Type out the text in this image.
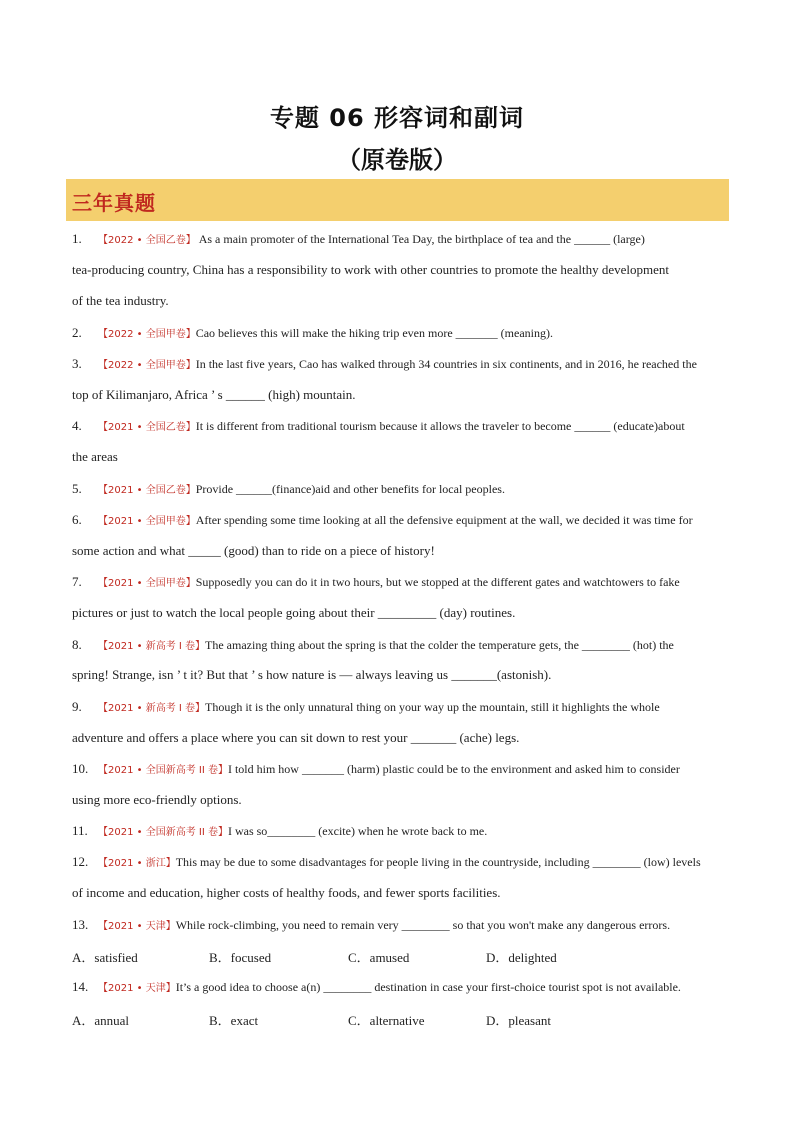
专题 06 形容词和副词
（原卷版）
三年真题
1. 【2022 • 全国乙卷】 As a main promoter of the International Tea Day, the birthplace of tea and the ______ (large)
tea-producing country, China has a responsibility to work with other countries to promote the healthy development
of the tea industry.
2. 【2022 • 全国甲卷】Cao believes this will make the hiking trip even more _______ (meaning).
3. 【2022 • 全国甲卷】In the last five years, Cao has walked through 34 countries in six continents, and in 2016, he reached the
top of Kilimanjaro, Africa ’ s ______ (high) mountain.
4. 【2021 • 全国乙卷】It is different from traditional tourism because it allows the traveler to become ______ (educate)about
the areas
5. 【2021 • 全国乙卷】Provide ______(finance)aid and other benefits for local peoples.
6. 【2021 • 全国甲卷】After spending some time looking at all the defensive equipment at the wall, we decided it was time for
some action and what _____ (good) than to ride on a piece of history!
7. 【2021 • 全国甲卷】Supposedly you can do it in two hours, but we stopped at the different gates and watchtowers to fake
pictures or just to watch the local people going about their _________ (day) routines.
8. 【2021 • 新高考 I 卷】The amazing thing about the spring is that the colder the temperature gets, the ________ (hot) the
spring! Strange, isn ’ t it? But that ’ s how nature is — always leaving us _______(astonish).
9. 【2021 • 新高考 I 卷】Though it is the only unnatural thing on your way up the mountain, still it highlights the whole
adventure and offers a place where you can sit down to rest your _______ (ache) legs.
10. 【2021 • 全国新高考 II 卷】I told him how _______ (harm) plastic could be to the environment and asked him to consider
using more eco-friendly options.
11. 【2021 • 全国新高考 II 卷】I was so________ (excite) when he wrote back to me.
12. 【2021 • 浙江】This may be due to some disadvantages for people living in the countryside, including ________ (low) levels
of income and education, higher costs of healthy foods, and fewer sports facilities.
13. 【2021 • 天津】While rock-climbing, you need to remain very ________ so that you won't make any dangerous errors.
A．satisfied	B．focused	C．amused	D．delighted
14. 【2021 • 天津】It’s a good idea to choose a(n) ________ destination in case your first-choice tourist spot is not available.
A．annual	B．exact	C．alternative	D．pleasant
